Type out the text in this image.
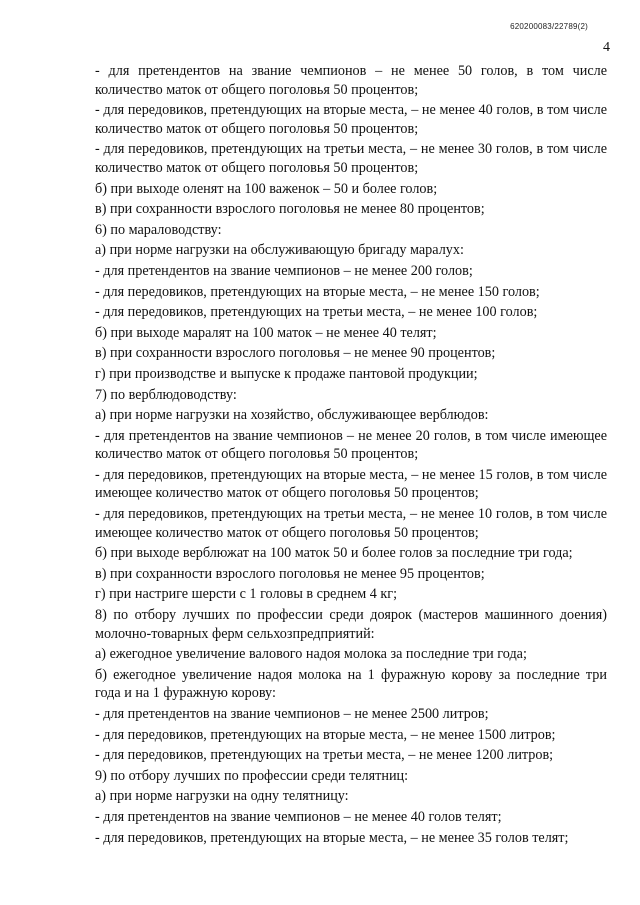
620200083/22789(2)
4

- для претендентов на звание чемпионов – не менее 50 голов, в том числе количество маток от общего поголовья 50 процентов;

- для передовиков, претендующих на вторые места, – не менее 40 голов, в том числе количество маток от общего поголовья 50 процентов;

- для передовиков, претендующих на третьи места, – не менее 30 голов, в том числе количество маток от общего поголовья 50 процентов;

б) при выходе оленят на 100 важенок – 50 и более голов;

в) при сохранности взрослого поголовья не менее 80 процентов;

6) по мараловодству:

а) при норме нагрузки на обслуживающую бригаду маралух:

- для претендентов на звание чемпионов – не менее 200 голов;

- для передовиков, претендующих на вторые места, – не менее 150 голов;

- для передовиков, претендующих на третьи места, – не менее 100 голов;

б) при выходе маралят на 100 маток – не менее 40 телят;

в) при сохранности взрослого поголовья – не менее 90 процентов;

г) при производстве и выпуске к продаже пантовой продукции;

7) по верблюдоводству:

а) при норме нагрузки на хозяйство, обслуживающее верблюдов:

- для претендентов на звание чемпионов – не менее 20 голов, в том числе имеющее количество маток от общего поголовья 50 процентов;

- для передовиков, претендующих на вторые места, – не менее 15 голов, в том числе имеющее количество маток от общего поголовья 50 процентов;

- для передовиков, претендующих на третьи места, – не менее 10 голов, в том числе имеющее количество маток от общего поголовья 50 процентов;

б) при выходе верблюжат на 100 маток 50 и более голов за последние три года;

в) при сохранности взрослого поголовья не менее 95 процентов;

г) при настриге шерсти с 1 головы в среднем 4 кг;

8) по отбору лучших по профессии среди доярок (мастеров машинного доения) молочно-товарных ферм сельхозпредприятий:

а) ежегодное увеличение валового надоя молока за последние три года;

б) ежегодное увеличение надоя молока на 1 фуражную корову за последние три года и на 1 фуражную корову:

- для претендентов на звание чемпионов – не менее 2500 литров;

- для передовиков, претендующих на вторые места, – не менее 1500 литров;

- для передовиков, претендующих на третьи места, – не менее 1200 литров;

9) по отбору лучших по профессии среди телятниц:

а) при норме нагрузки на одну телятницу:

- для претендентов на звание чемпионов – не менее 40 голов телят;

- для передовиков, претендующих на вторые места, – не менее 35 голов телят;
